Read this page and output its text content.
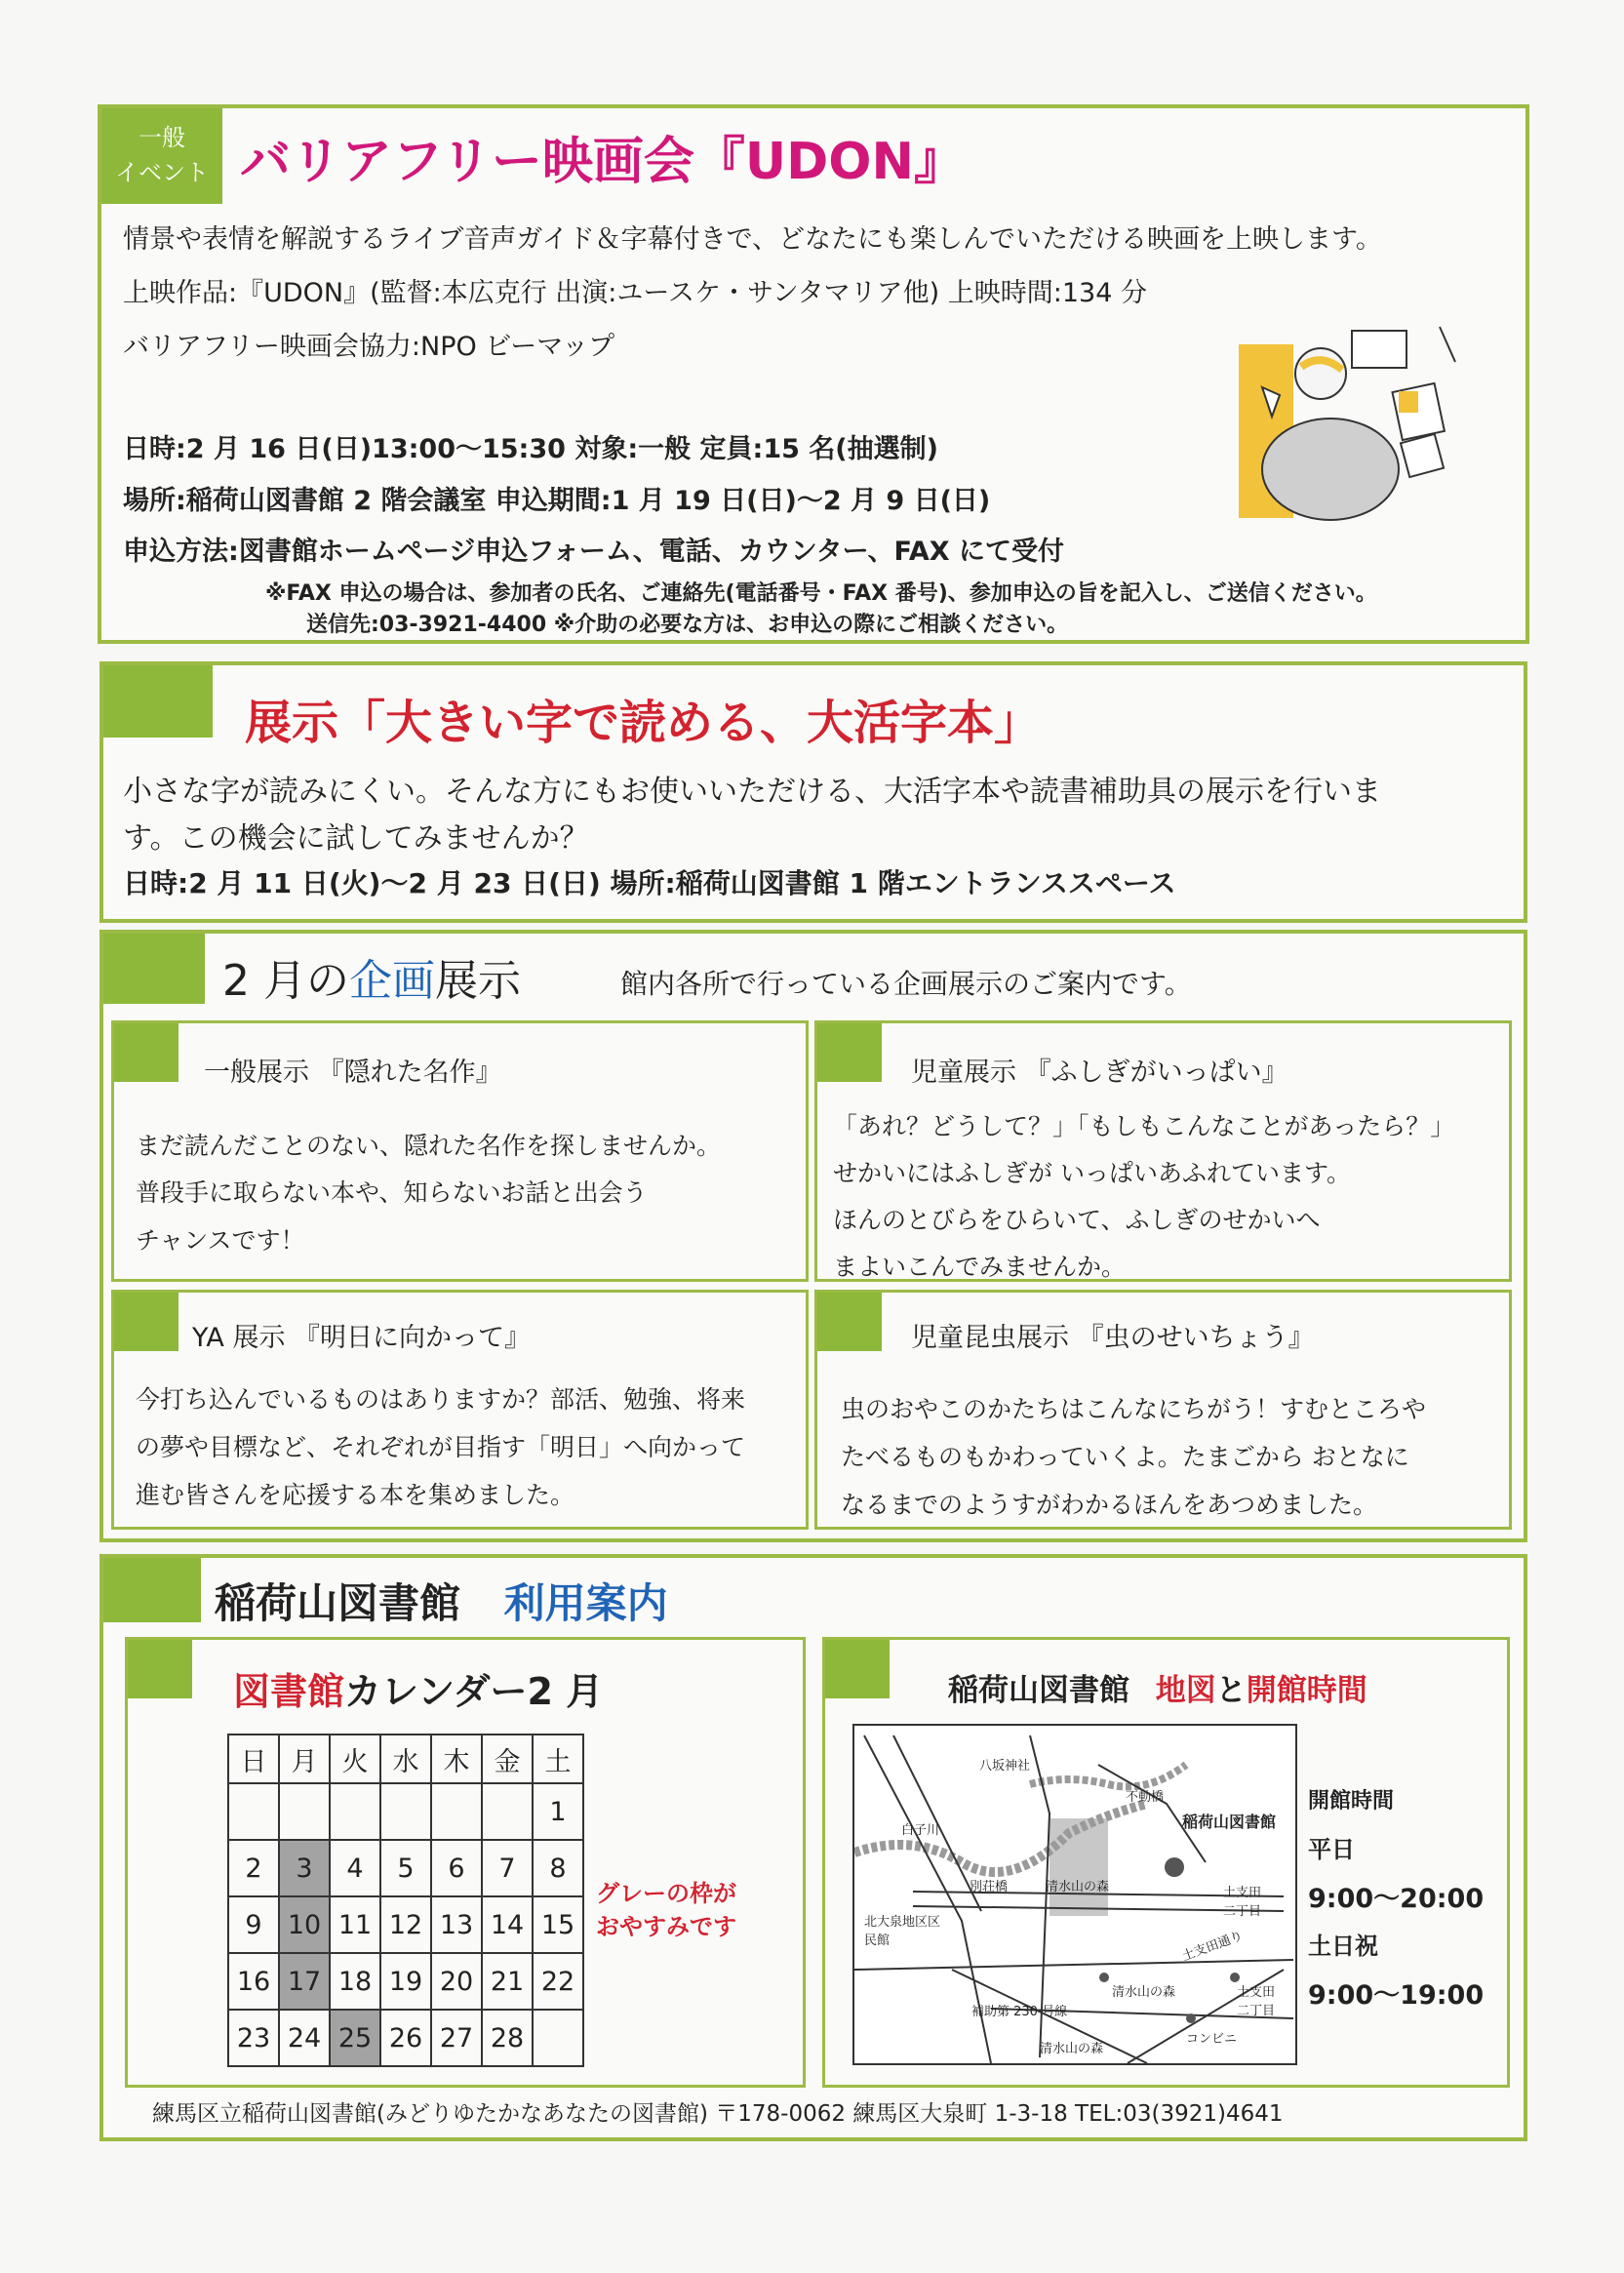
一般
イベント バリアフリー映画会『UDON』
情景や表情を解説するライブ音声ガイド＆字幕付きで、どなたにも楽しんでいただける映画を上映します。
上映作品:『UDON』(監督:本広克行 出演:ユースケ・サンタマリア他) 上映時間:134 分
バリアフリー映画会協力:NPO ビーマップ
日時:2 月 16 日(日)13:00～15:30 対象:一般 定員:15 名(抽選制)
場所:稲荷山図書館 2 階会議室 申込期間:1 月 19 日(日)～2 月 9 日(日)
申込方法:図書館ホームページ申込フォーム、電話、カウンター、FAX にて受付
※FAX 申込の場合は、参加者の氏名、ご連絡先(電話番号・FAX 番号)、参加申込の旨を記入し、ご送信ください。
送信先:03-3921-4400 ※介助の必要な方は、お申込の際にご相談ください。
展示「大きい字で読める、大活字本」
小さな字が読みにくい。そんな方にもお使いいただける、大活字本や読書補助具の展示を行いま
す。この機会に試してみませんか？
日時:2 月 11 日(火)～2 月 23 日(日) 場所:稲荷山図書館 1 階エントランススペース
2 月の企画展示	館内各所で行っている企画展示のご案内です。
一般展示 『隠れた名作』
まだ読んだことのない、隠れた名作を探しませんか。
普段手に取らない本や、知らないお話と出会う
チャンスです！
児童展示 『ふしぎがいっぱい』
「あれ？どうして？」「もしもこんなことがあったら？」
せかいにはふしぎが いっぱいあふれています。
ほんのとびらをひらいて、ふしぎのせかいへ
まよいこんでみませんか。
YA 展示 『明日に向かって』
今打ち込んでいるものはありますか？部活、勉強、将来
の夢や目標など、それぞれが目指す「明日」へ向かって
進む皆さんを応援する本を集めました。
児童昆虫展示 『虫のせいちょう』
虫のおやこのかたちはこんなにちがう！すむところや
たべるものもかわっていくよ。たまごから おとなに
なるまでのようすがわかるほんをあつめました。
稲荷山図書館 利用案内
練馬区立稲荷山図書館(みどりゆたかなあなたの図書館) 〒178-0062 練馬区大泉町 1-3-18 TEL:03(3921)4641
図書館カレンダー2 月
日	月	火	水	木	金	土
						1
2	3	4	5	6	7	8
9	10	11	12	13	14	15
16	17	18	19	20	21	22
23	24	25	26	27	28	
グレーの枠が
おやすみです
稲荷山図書館 地図と開館時間
八坂神社
不動橋
稲荷山図書館
白子川
別荘橋	清水山の森	土支田二丁目
北大泉地区区民館	土支田通り
清水山の森
補助第 230 号線
土支田二丁目
清水山の森
コンビニ
開館時間
平日
9:00～20:00
土日祝
9:00～19:00
